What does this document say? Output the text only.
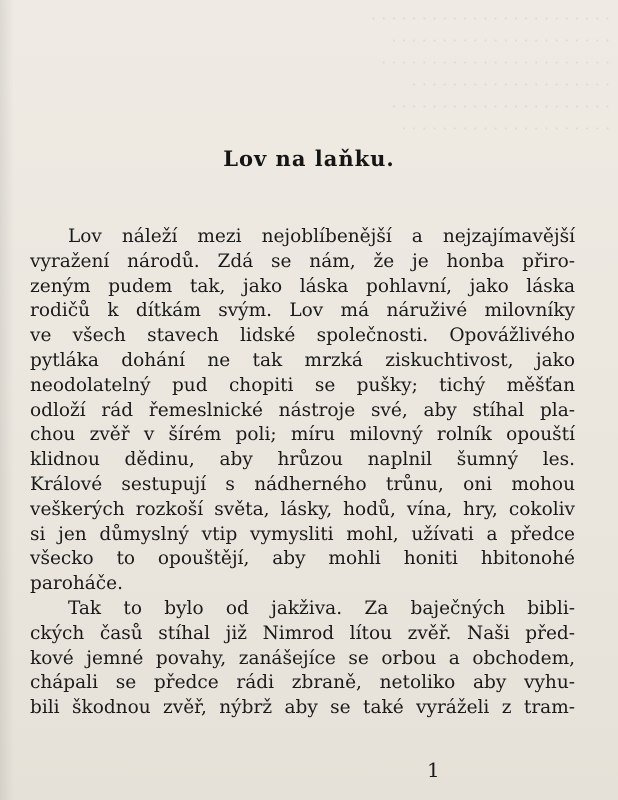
· · · · · · · · · · · · · · · · · · · · · · · ·
· · · · · · · · · · · · · · · · · · · · · ·
· · · · · · · · · · · · · · · · · · · · · · ·
· · · · · · · · · · · · · · · · · · · ·
· · · · · · · · · · · · · · · · · · · · · ·
· · · · · · · · · · · · · · · · · · · · ·
Lov na laňku.
Lov náleží mezi nejoblíbenější a nejzajímavější
vyražení národů. Zdá se nám, že je honba přiro-
zeným pudem tak, jako láska pohlavní, jako láska
rodičů k dítkám svým. Lov má náruživé milovníky
ve všech stavech lidské společnosti. Opovážlivého
pytláka dohání ne tak mrzká ziskuchtivost, jako
neodolatelný pud chopiti se pušky; tichý měšťan
odloží rád řemeslnické nástroje své, aby stíhal pla-
chou zvěř v šírém poli; míru milovný rolník opouští
klidnou dědinu, aby hrůzou naplnil šumný les.
Králové sestupují s nádherného trůnu, oni mohou
veškerých rozkoší světa, lásky, hodů, vína, hry, cokoliv
si jen důmyslný vtip vymysliti mohl, užívati a předce
všecko to opouštějí, aby mohli honiti hbitonohé
paroháče.
Tak to bylo od jakživa. Za baječných bibli-
ckých časů stíhal již Nimrod lítou zvěř. Naši před-
kové jemné povahy, zanášejíce se orbou a obchodem,
chápali se předce rádi zbraně, netoliko aby vyhu-
bili škodnou zvěř, nýbrž aby se také vyráželi z tram-
1
